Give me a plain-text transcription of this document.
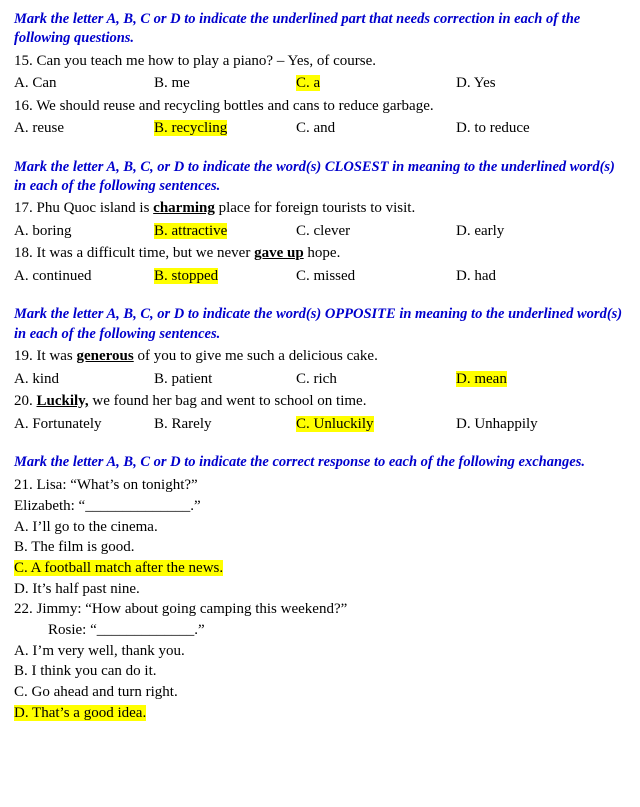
Mark the letter A, B, C or D to indicate the underlined part that needs correction in each of the following questions.

15. Can you teach me how to play a piano? – Yes, of course.

A. Can	B. me	C. a	D. Yes

16. We should reuse and recycling bottles and cans to reduce garbage.

A. reuse	B. recycling	C. and	D. to reduce

Mark the letter A, B, C, or D to indicate the word(s) CLOSEST in meaning to the underlined word(s) in each of the following sentences.

17. Phu Quoc island is charming place for foreign tourists to visit.

A. boring	B. attractive	C. clever	D. early

18. It was a difficult time, but we never gave up hope.

A. continued	B. stopped	C. missed	D. had

Mark the letter A, B, C, or D to indicate the word(s) OPPOSITE in meaning to the underlined word(s) in each of the following sentences.

19. It was generous of you to give me such a delicious cake.

A. kind	B. patient	C. rich	D. mean

20. Luckily, we found her bag and went to school on time.

A. Fortunately	B. Rarely	C. Unluckily	D. Unhappily

Mark the letter A, B, C or D to indicate the correct response to each of the following exchanges.

21. Lisa: “What’s on tonight?”

Elizabeth: “______________.”

A. I’ll go to the cinema.

B. The film is good.

C. A football match after the news.

D. It’s half past nine.

22. Jimmy: “How about going camping this weekend?”

Rosie: “_____________.”

A. I’m very well, thank you.

B. I think you can do it.

C. Go ahead and turn right.

D. That’s a good idea.
